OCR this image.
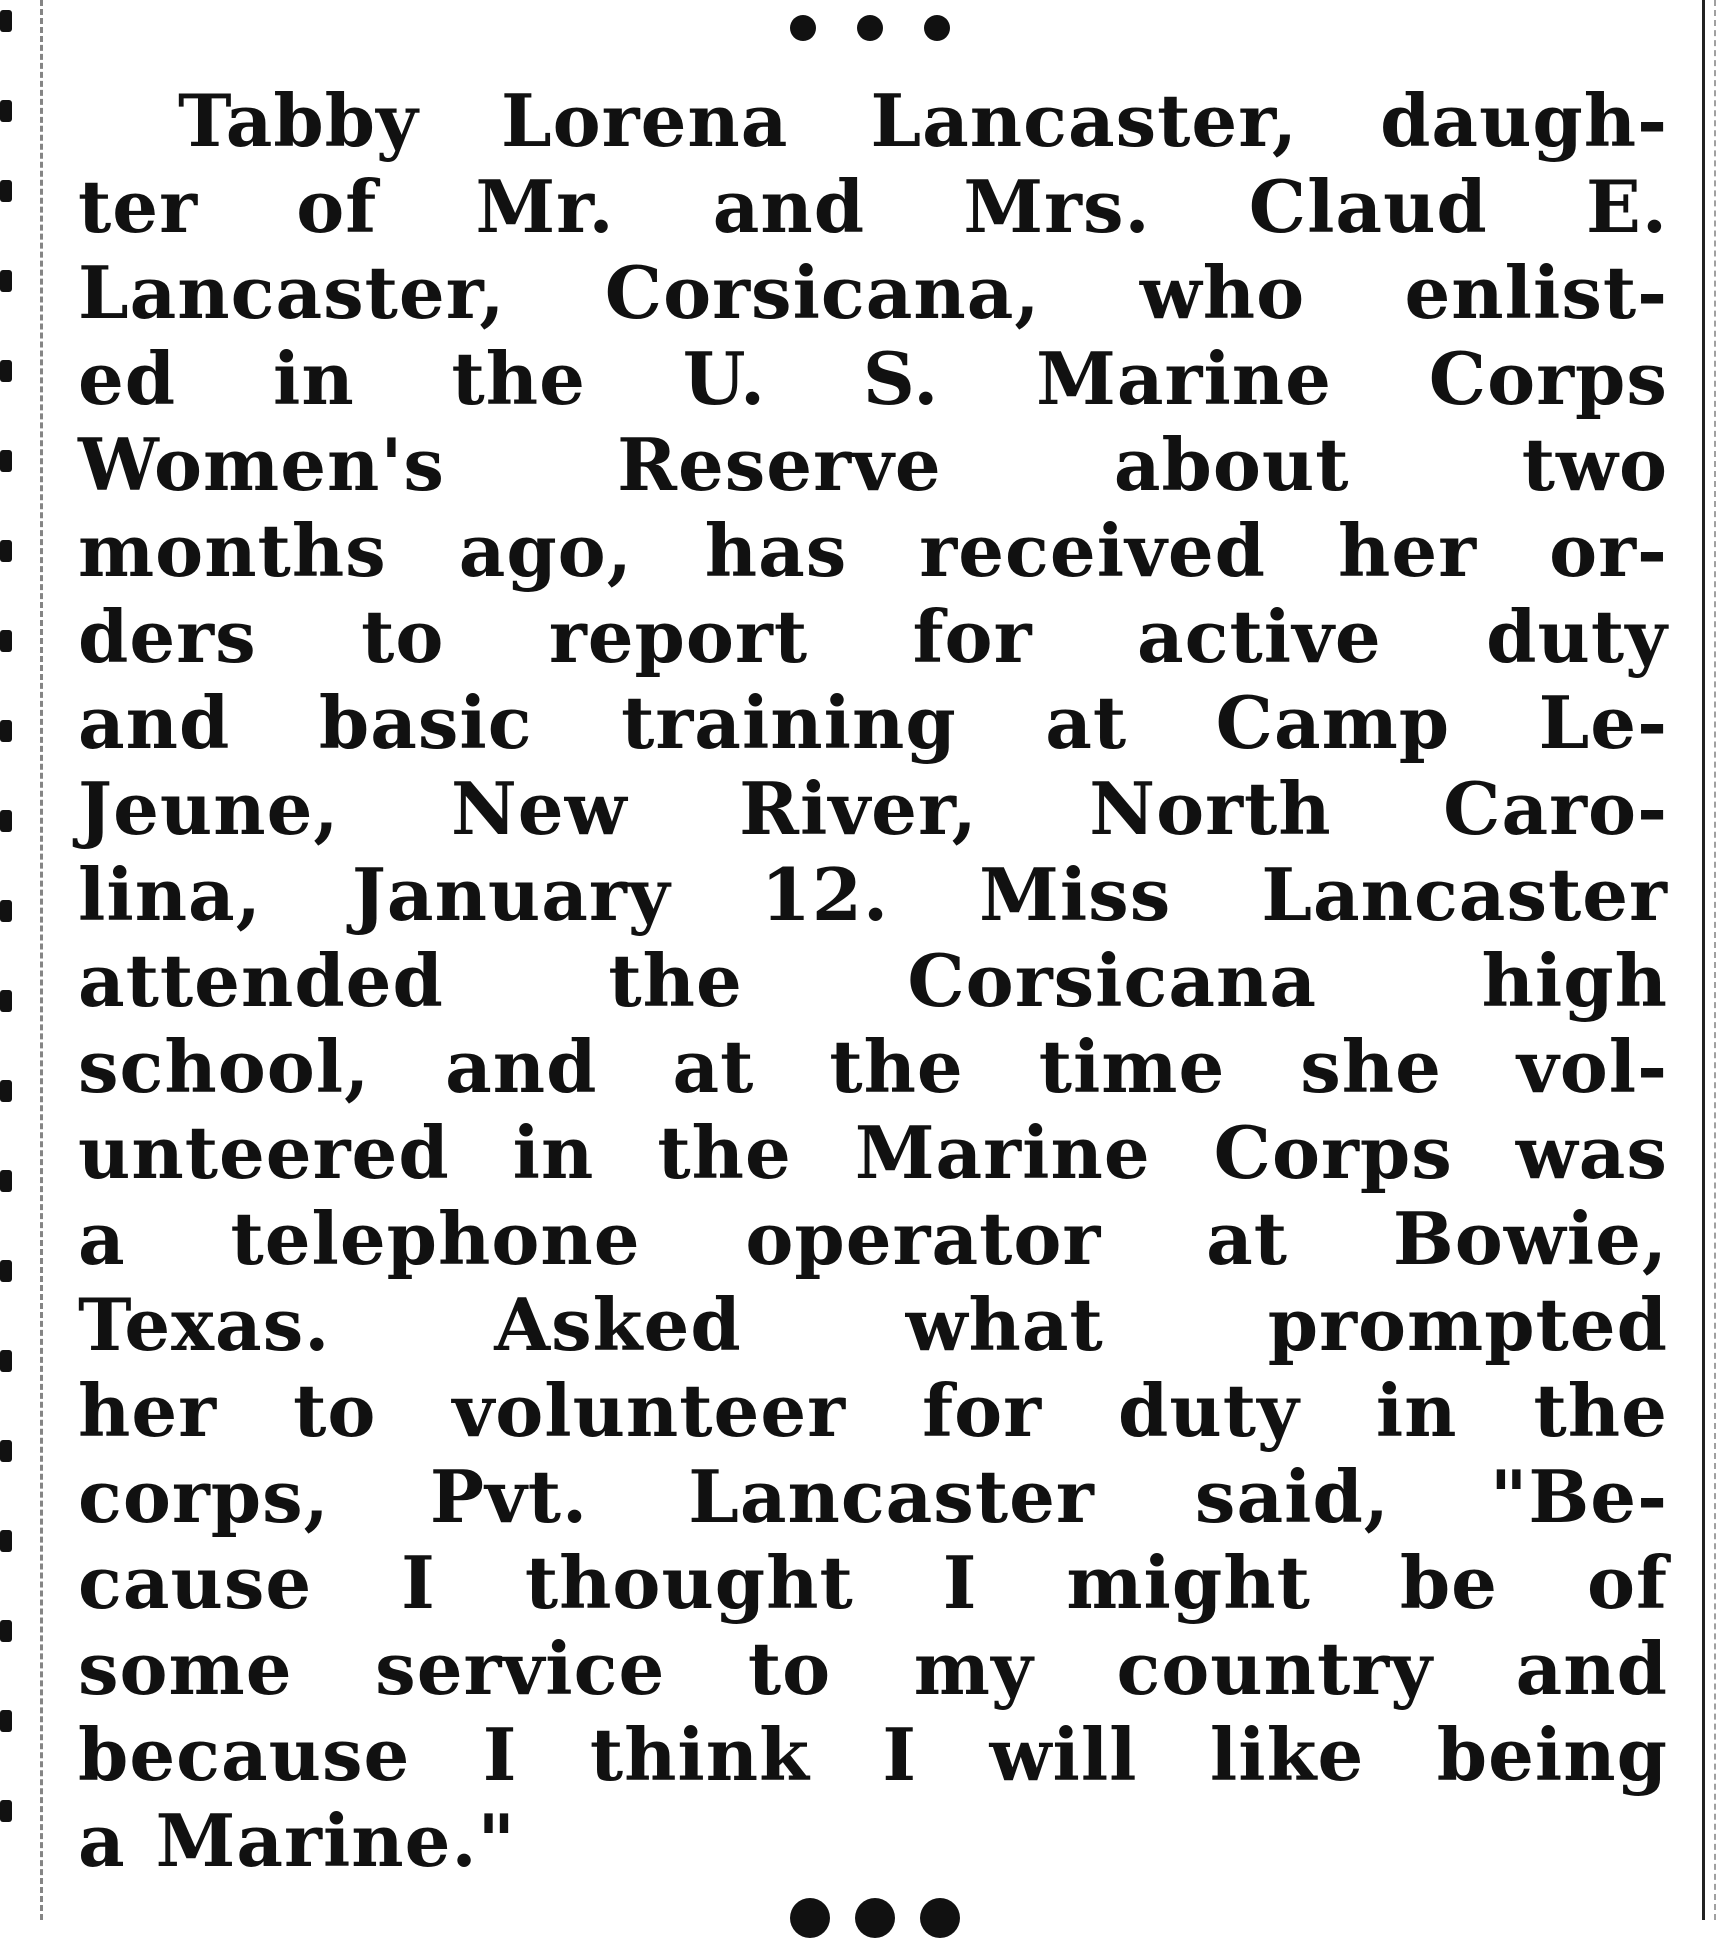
Tabby Lorena Lancaster, daugh-
ter of Mr. and Mrs. Claud E.
Lancaster, Corsicana, who enlist-
ed in the U. S. Marine Corps
Women's Reserve about two
months ago, has received her or-
ders to report for active duty
and basic training at Camp Le-
Jeune, New River, North Caro-
lina, January 12. Miss Lancaster
attended the Corsicana high
school, and at the time she vol-
unteered in the Marine Corps was
a telephone operator at Bowie,
Texas. Asked what prompted
her to volunteer for duty in the
corps, Pvt. Lancaster said, "Be-
cause I thought I might be of
some service to my country and
because I think I will like being
a Marine."
